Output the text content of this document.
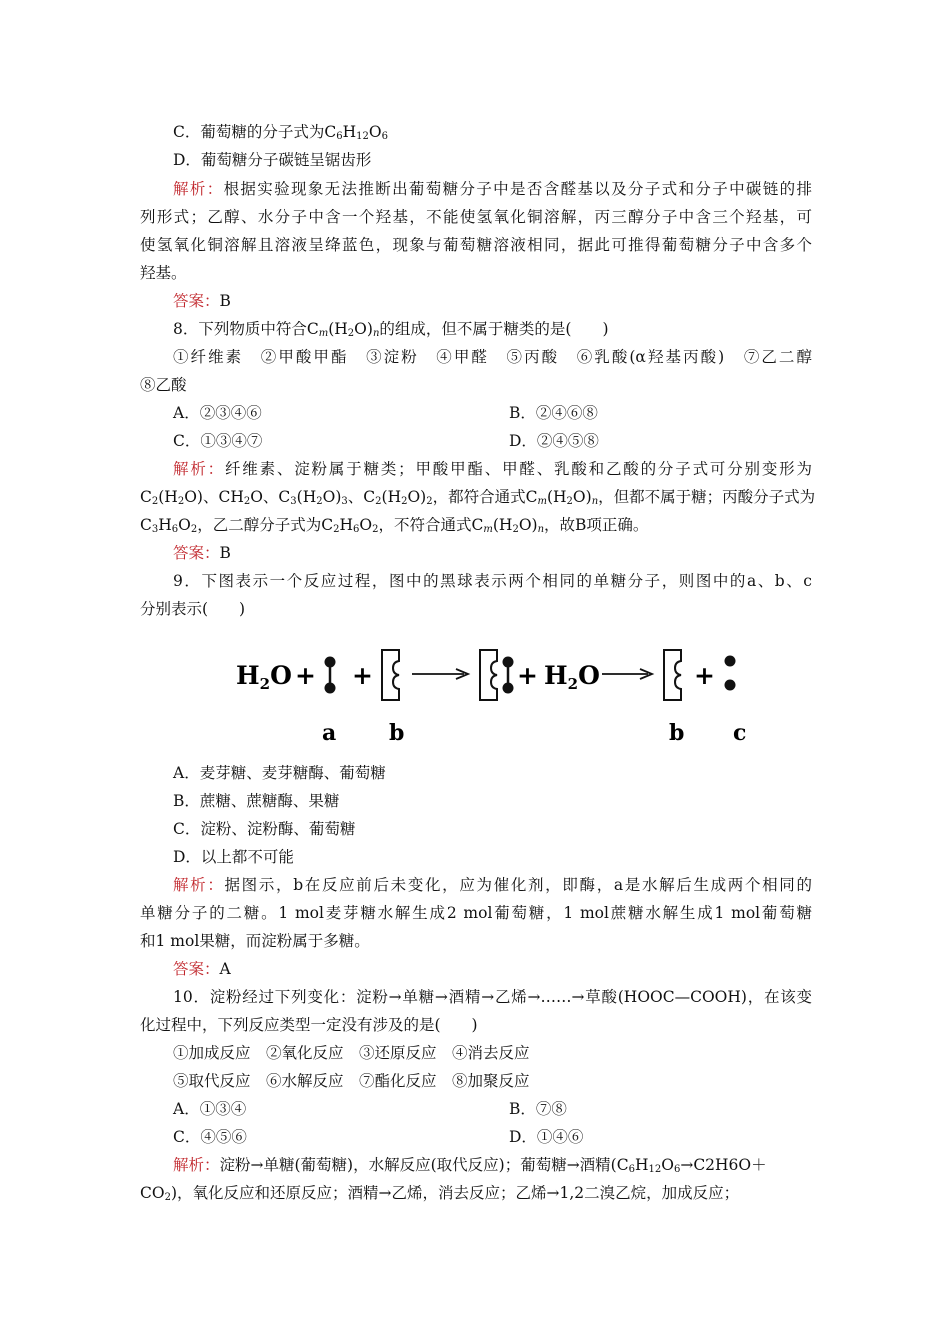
C．葡萄糖的分子式为$C_6H_{12}O_6$
D．葡萄糖分子碳链呈锯齿形
解析：根据实验现象无法推断出葡萄糖分子中是否含醛基以及分子式和分子中碳链的排
列形式；乙醇、水分子中含一个羟基，不能使氢氧化铜溶解，丙三醇分子中含三个羟基，可
使氢氧化铜溶解且溶液呈绛蓝色，现象与葡萄糖溶液相同，据此可推得葡萄糖分子中含多个
羟基。
答案：B
8．下列物质中符合$C_m(H_2O)_n$的组成，但不属于糖类的是(　　)
①纤维素　②甲酸甲酯　③淀粉　④甲醛　⑤丙酸　⑥乳酸(α羟基丙酸)　⑦乙二醇
⑧乙酸
A．②③④⑥	B．②④⑥⑧
C．①③④⑦	D．②④⑤⑧
解析：纤维素、淀粉属于糖类；甲酸甲酯、甲醛、乳酸和乙酸的分子式可分别变形为
$C_2(H_2O)$、$CH_2O$、$C_3(H_2O)_3$、$C_2(H_2O)_2$，都符合通式$C_m(H_2O)_n$，但都不属于糖；丙酸分子式为
$C_3H_6O_2$，乙二醇分子式为$C_2H_6O_2$，不符合通式$C_m(H_2O)_n$，故B项正确。
答案：B
9．下图表示一个反应过程，图中的黑球表示两个相同的单糖分子，则图中的a、b、c
分别表示(　　)
$H_2O$ + +	+ $H_2O$	+
a b	b c
A．麦芽糖、麦芽糖酶、葡萄糖
B．蔗糖、蔗糖酶、果糖
C．淀粉、淀粉酶、葡萄糖
D．以上都不可能
解析：据图示，b在反应前后未变化，应为催化剂，即酶，a是水解后生成两个相同的
单糖分子的二糖。1 mol麦芽糖水解生成2 mol葡萄糖，1 mol蔗糖水解生成1 mol葡萄糖
和1 mol果糖，而淀粉属于多糖。
答案：A
10．淀粉经过下列变化：淀粉→单糖→酒精→乙烯→……→草酸(HOOC—COOH)，在该变
化过程中，下列反应类型一定没有涉及的是(　　)
①加成反应　②氧化反应　③还原反应　④消去反应
⑤取代反应　⑥水解反应　⑦酯化反应　⑧加聚反应
A．①③④	B．⑦⑧
C．④⑤⑥	D．①④⑥
解析：淀粉→单糖(葡萄糖)，水解反应(取代反应)；葡萄糖→酒精($C_6H_{12}O_6\to C2H6O+$
$CO_2$)，氧化反应和还原反应；酒精→乙烯，消去反应；乙烯→1,2二溴乙烷，加成反应；
